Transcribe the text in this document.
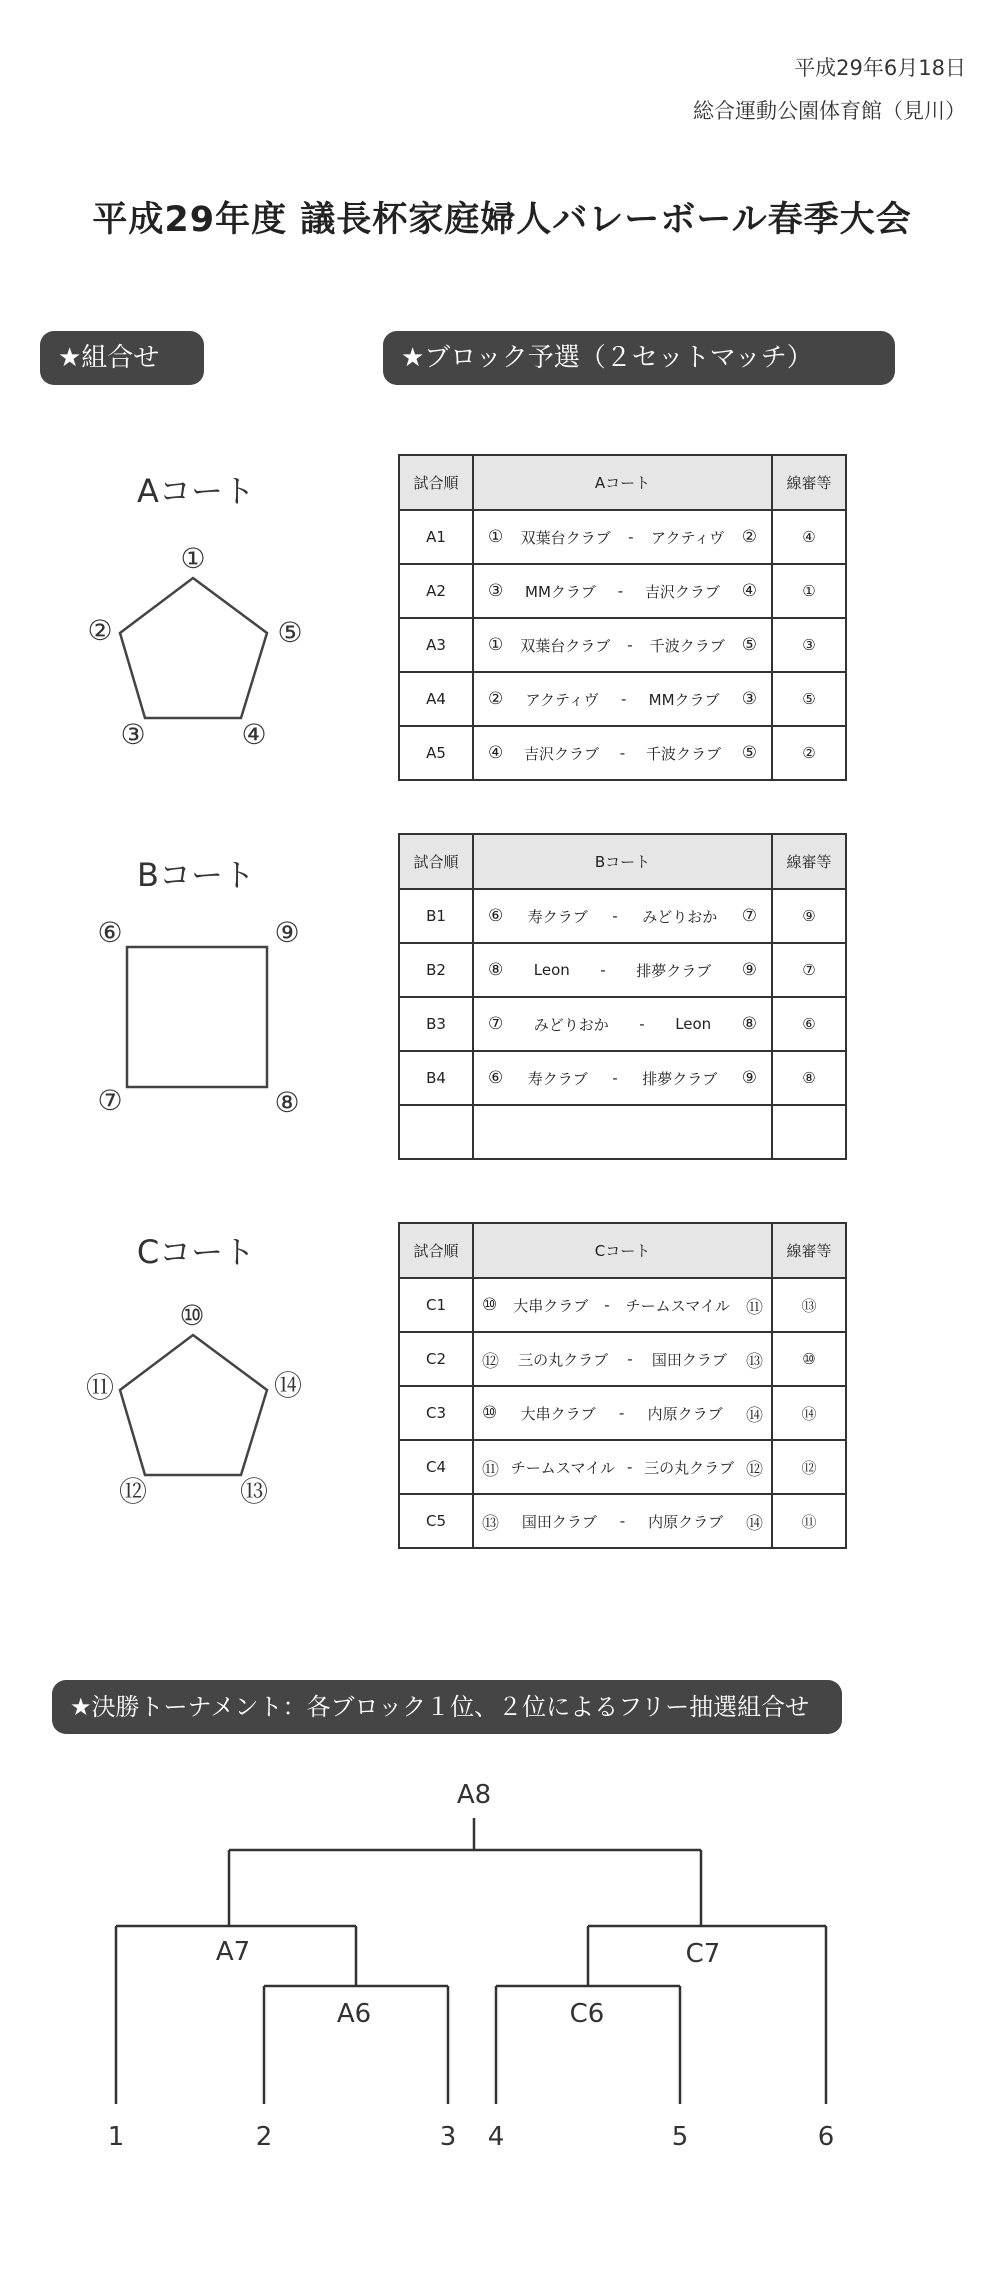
平成29年6月18日
総合運動公園体育館（見川）
平成29年度 議長杯家庭婦人バレーボール春季大会
★組合せ	★ブロック予選（２セットマッチ）
Aコート
①
②	⑤
③	④
試合順	Aコート	線審等
A1	① 双葉台クラブ - アクティヴ ②	④
A2	③ MMクラブ - 吉沢クラブ ④	①
A3	① 双葉台クラブ - 千波クラブ ⑤	③
A4	② アクティヴ - MMクラブ ③	⑤
A5	④ 吉沢クラブ - 千波クラブ ⑤	②
Bコート
⑥	⑨
⑦	⑧
試合順	Bコート	線審等
B1	⑥ 寿クラブ - みどりおか ⑦	⑨
B2	⑧ Leon - 排夢クラブ ⑨	⑦
B3	⑦ みどりおか - Leon ⑧	⑥
B4	⑥ 寿クラブ - 排夢クラブ ⑨	⑧

Cコート
⑩
⑪	⑭
⑫	⑬
試合順	Cコート	線審等
C1	⑩ 大串クラブ - チームスマイル ⑪	⑬
C2	⑫ 三の丸クラブ - 国田クラブ ⑬	⑩
C3	⑩ 大串クラブ - 内原クラブ ⑭	⑭
C4	⑪ チームスマイル - 三の丸クラブ ⑫	⑫
C5	⑬ 国田クラブ - 内原クラブ ⑭	⑪
★決勝トーナメント：各ブロック１位、２位によるフリー抽選組合せ
A8
A7
A6
C7
C6
1	2	3 4	5	6
